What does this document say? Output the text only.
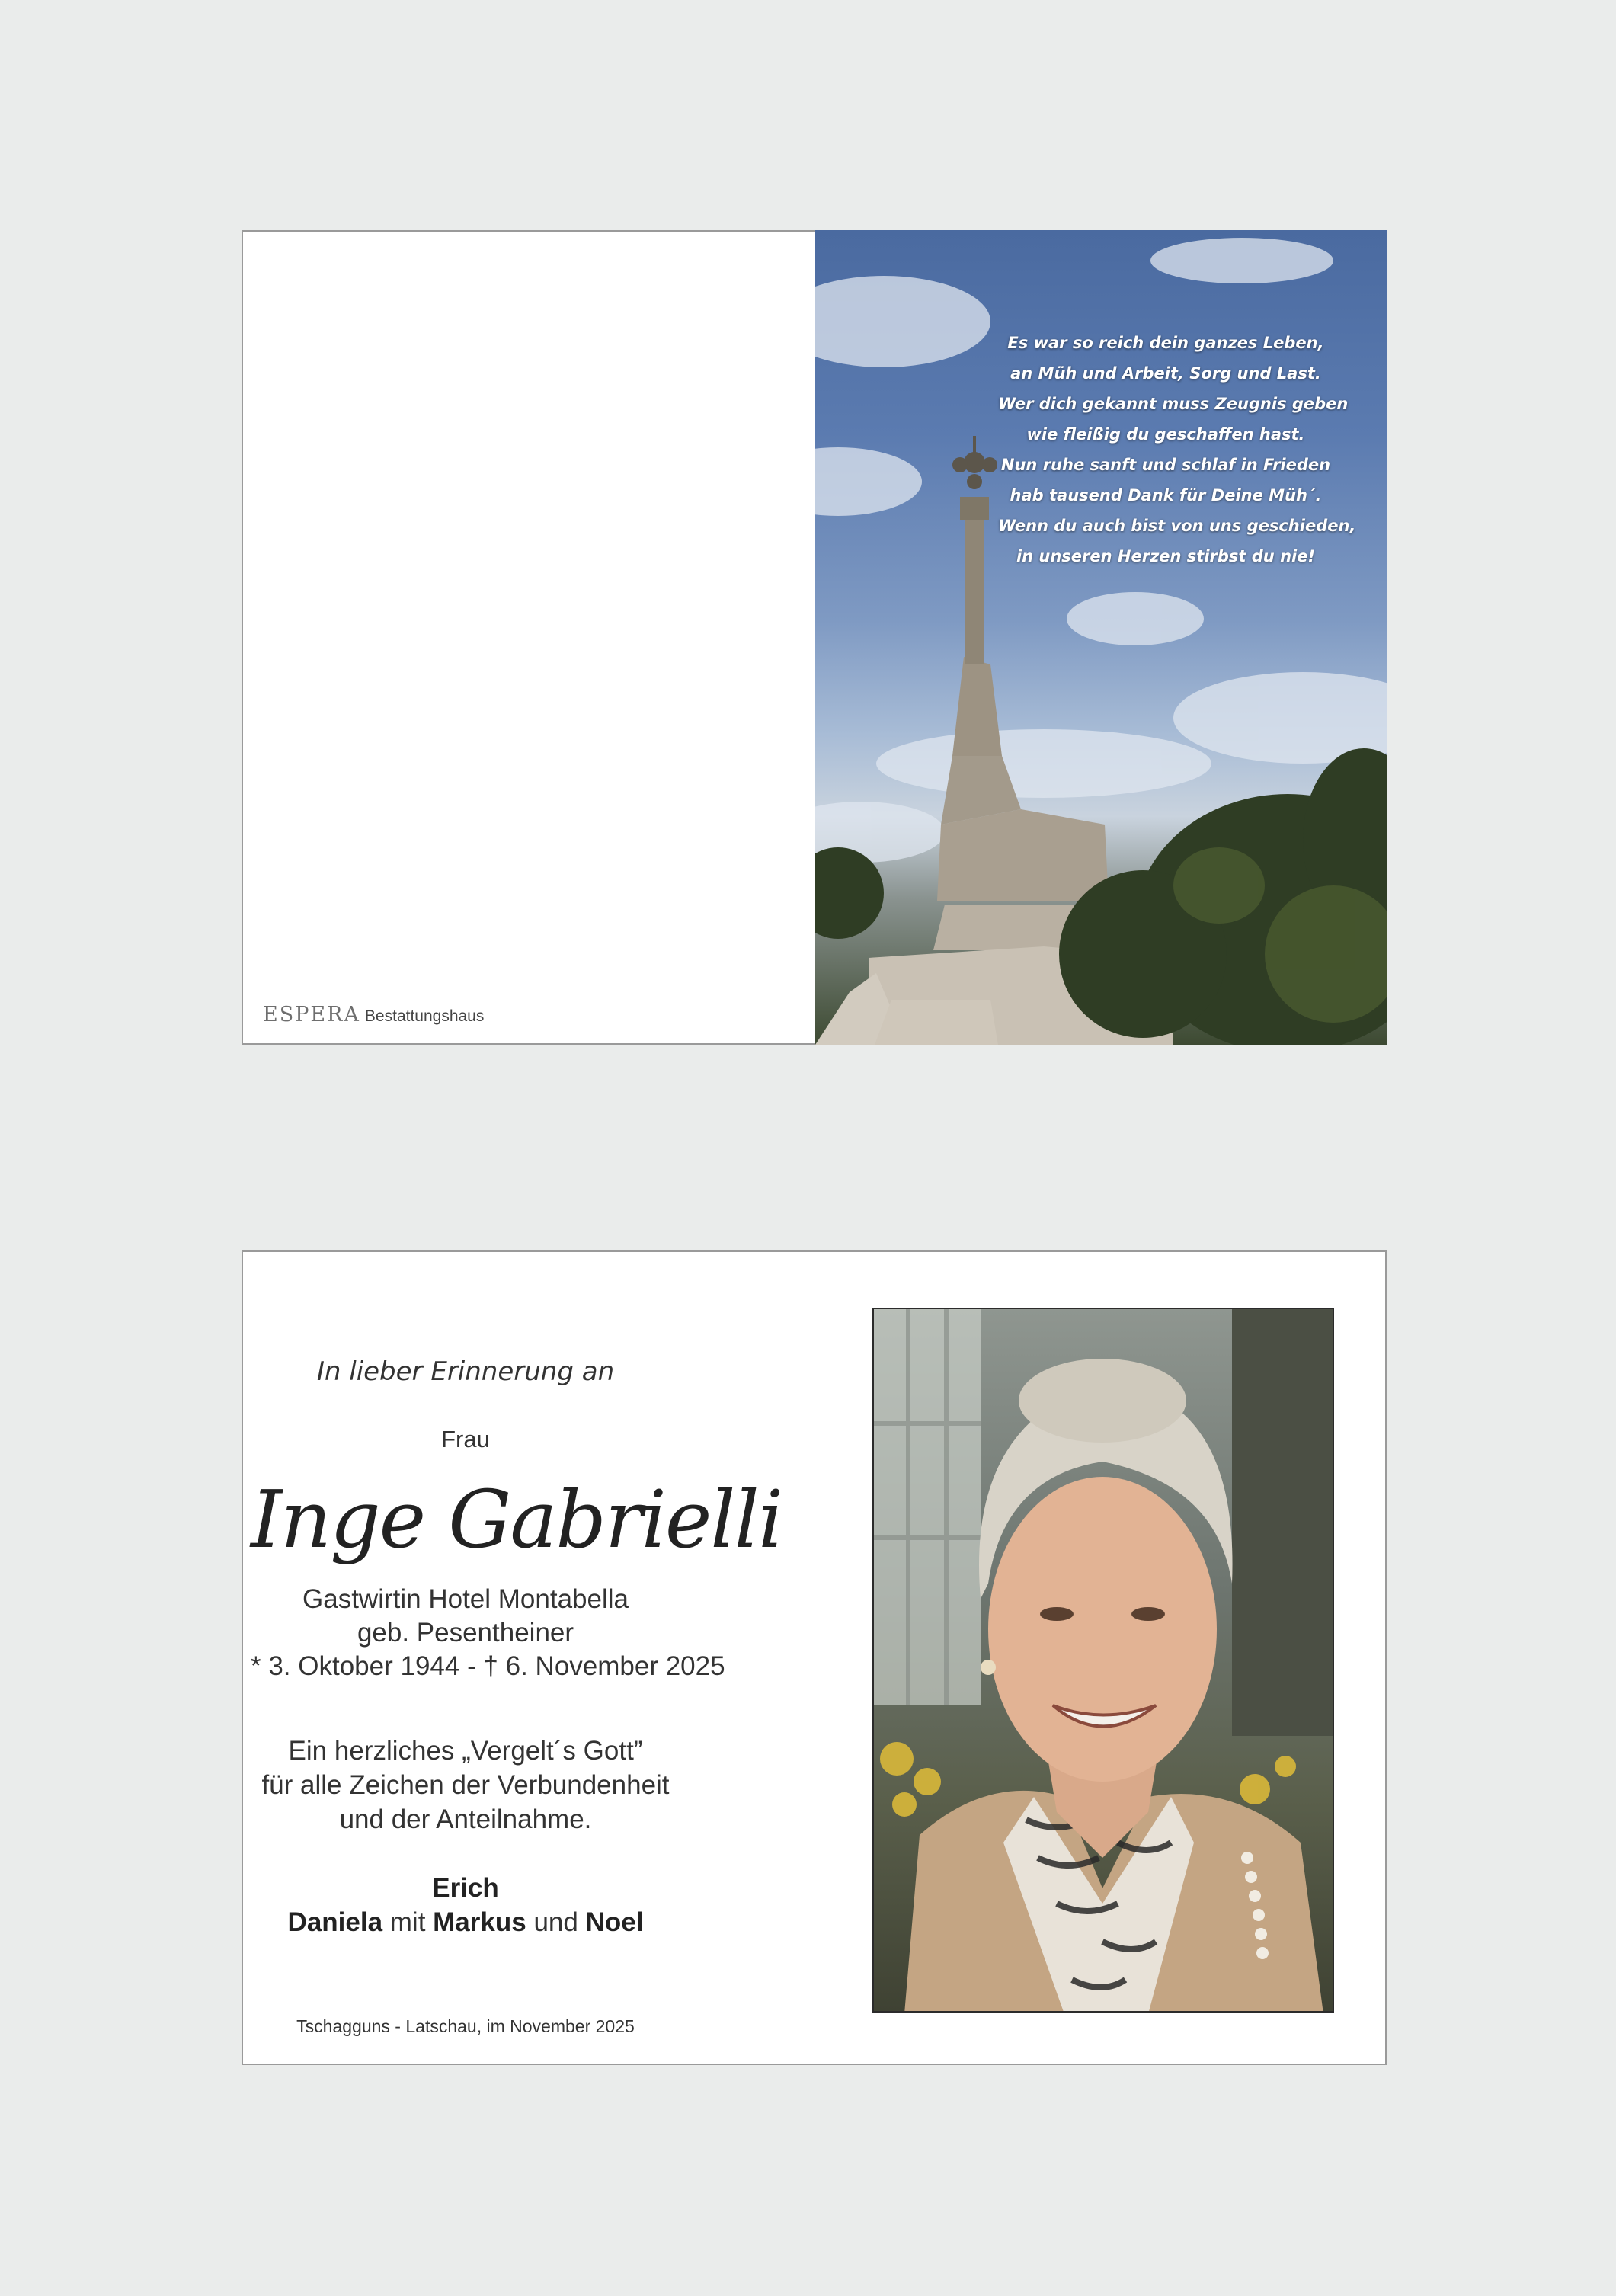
ESPERA Bestattungshaus
Es war so reich dein ganzes Leben,
an Müh und Arbeit, Sorg und Last.
Wer dich gekannt muss Zeugnis geben
wie fleißig du geschaffen hast.
Nun ruhe sanft und schlaf in Frieden
hab tausend Dank für Deine Müh´.
Wenn du auch bist von uns geschieden,
in unseren Herzen stirbst du nie!
In lieber Erinnerung an
Frau
Inge Gabrielli
Gastwirtin Hotel Montabella
geb. Pesentheiner
* 3. Oktober 1944 - † 6. November 2025
Ein herzliches „Vergelt´s Gott”
für alle Zeichen der Verbundenheit
und der Anteilnahme.
Erich
Daniela mit Markus und Noel
Tschagguns - Latschau, im November 2025
